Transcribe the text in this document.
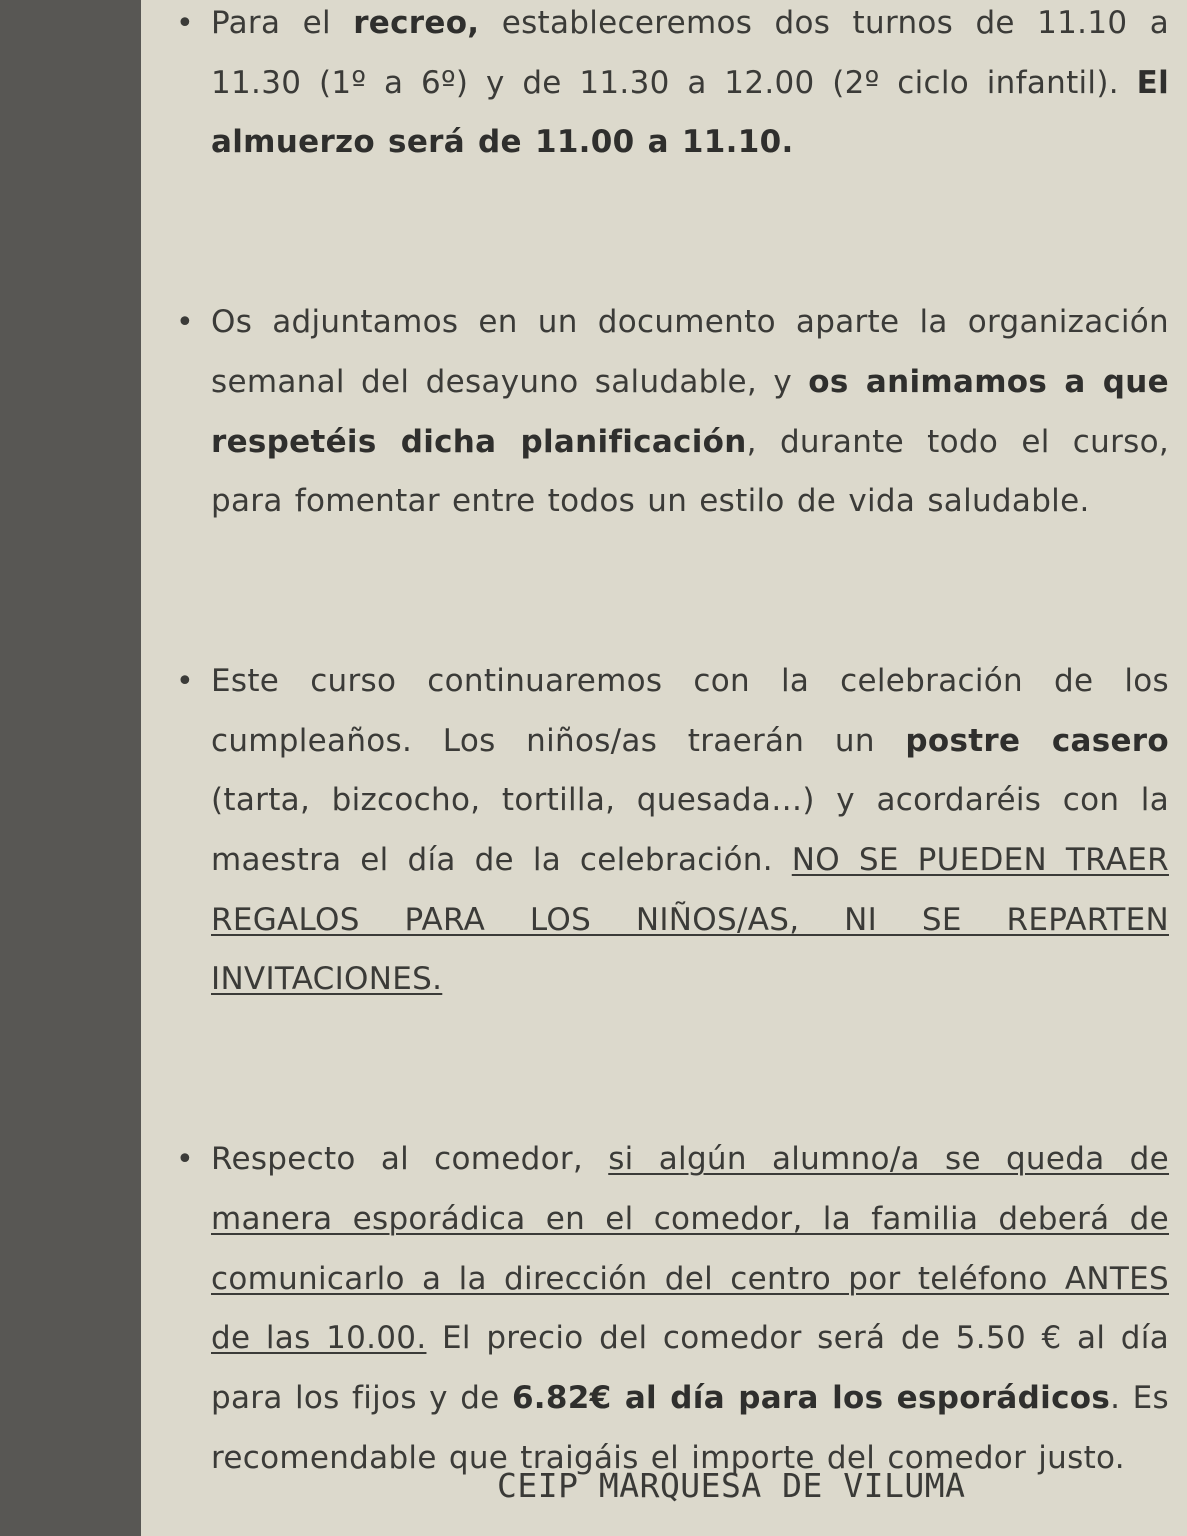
•
Para el recreo, estableceremos dos turnos de 11.10 a 11.30 (1º a 6º) y de 11.30 a 12.00 (2º ciclo infantil). El almuerzo será de 11.00 a 11.10.
•
Os adjuntamos en un documento aparte la organización semanal del desayuno saludable, y os animamos a que respetéis dicha planificación, durante todo el curso, para fomentar entre todos un estilo de vida saludable.
•
Este curso continuaremos con la celebración de los cumpleaños. Los niños/as traerán un postre casero (tarta, bizcocho, tortilla, quesada…) y acordaréis con la maestra el día de la celebración. NO SE PUEDEN TRAER REGALOS PARA LOS NIÑOS/AS, NI SE REPARTEN INVITACIONES.
•
Respecto al comedor, si algún alumno/a se queda de manera esporádica en el comedor, la familia deberá de comunicarlo a la dirección del centro por teléfono ANTES de las 10.00. El precio del comedor será de 5.50 € al día para los fijos y de 6.82€ al día para los esporádicos. Es recomendable que traigáis el importe del comedor justo.
CEIP MARQUESA DE VILUMA
